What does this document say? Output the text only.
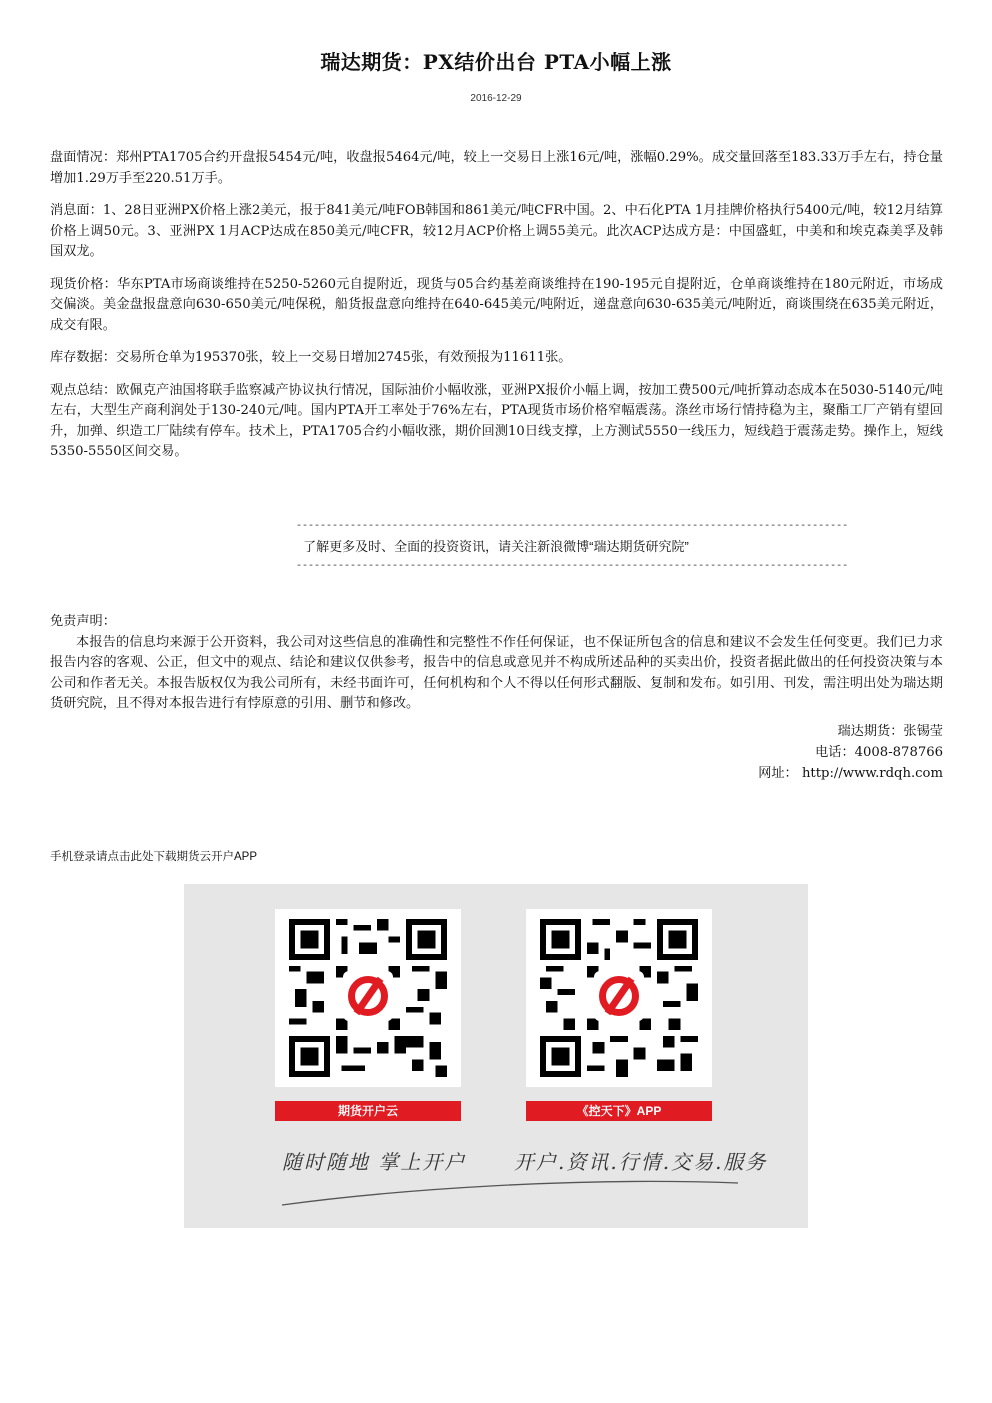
瑞达期货：PX结价出台 PTA小幅上涨
2016-12-29

盘面情况：郑州PTA1705合约开盘报5454元/吨，收盘报5464元/吨，较上一交易日上涨16元/吨，涨幅0.29%。成交量回落至183.33万手左右，持仓量增加1.29万手至220.51万手。

消息面：1、28日亚洲PX价格上涨2美元，报于841美元/吨FOB韩国和861美元/吨CFR中国。2、中石化PTA 1月挂牌价格执行5400元/吨，较12月结算价格上调50元。3、亚洲PX 1月ACP达成在850美元/吨CFR，较12月ACP价格上调55美元。此次ACP达成方是：中国盛虹，中美和和埃克森美孚及韩国双龙。

现货价格：华东PTA市场商谈维持在5250-5260元自提附近，现货与05合约基差商谈维持在190-195元自提附近，仓单商谈维持在180元附近，市场成交偏淡。美金盘报盘意向630-650美元/吨保税，船货报盘意向维持在640-645美元/吨附近，递盘意向630-635美元/吨附近，商谈围绕在635美元附近，成交有限。

库存数据：交易所仓单为195370张，较上一交易日增加2745张，有效预报为11611张。

观点总结：欧佩克产油国将联手监察减产协议执行情况，国际油价小幅收涨，亚洲PX报价小幅上调，按加工费500元/吨折算动态成本在5030-5140元/吨左右，大型生产商利润处于130-240元/吨。国内PTA开工率处于76%左右，PTA现货市场价格窄幅震荡。涤丝市场行情持稳为主，聚酯工厂产销有望回升，加弹、织造工厂陆续有停车。技术上，PTA1705合约小幅收涨，期价回测10日线支撑，上方测试5550一线压力，短线趋于震荡走势。操作上，短线5350-5550区间交易。

--------------------------------------------------------------------------------------------
了解更多及时、全面的投资资讯，请关注新浪微博“瑞达期货研究院”
--------------------------------------------------------------------------------------------
免责声明：
本报告的信息均来源于公开资料，我公司对这些信息的准确性和完整性不作任何保证，也不保证所包含的信息和建议不会发生任何变更。我们已力求报告内容的客观、公正，但文中的观点、结论和建议仅供参考，报告中的信息或意见并不构成所述品种的买卖出价，投资者据此做出的任何投资决策与本公司和作者无关。本报告版权仅为我公司所有，未经书面许可，任何机构和个人不得以任何形式翻版、复制和发布。如引用、刊发，需注明出处为瑞达期货研究院，且不得对本报告进行有悖原意的引用、删节和修改。
瑞达期货：张锡莹
电话：4008-878766
网址： http://www.rdqh.com
手机登录请点击此处下载期货云开户APP
期货开户云	《控天下》APP
随时随地 掌上开户 开户.资讯.行情.交易.服务
